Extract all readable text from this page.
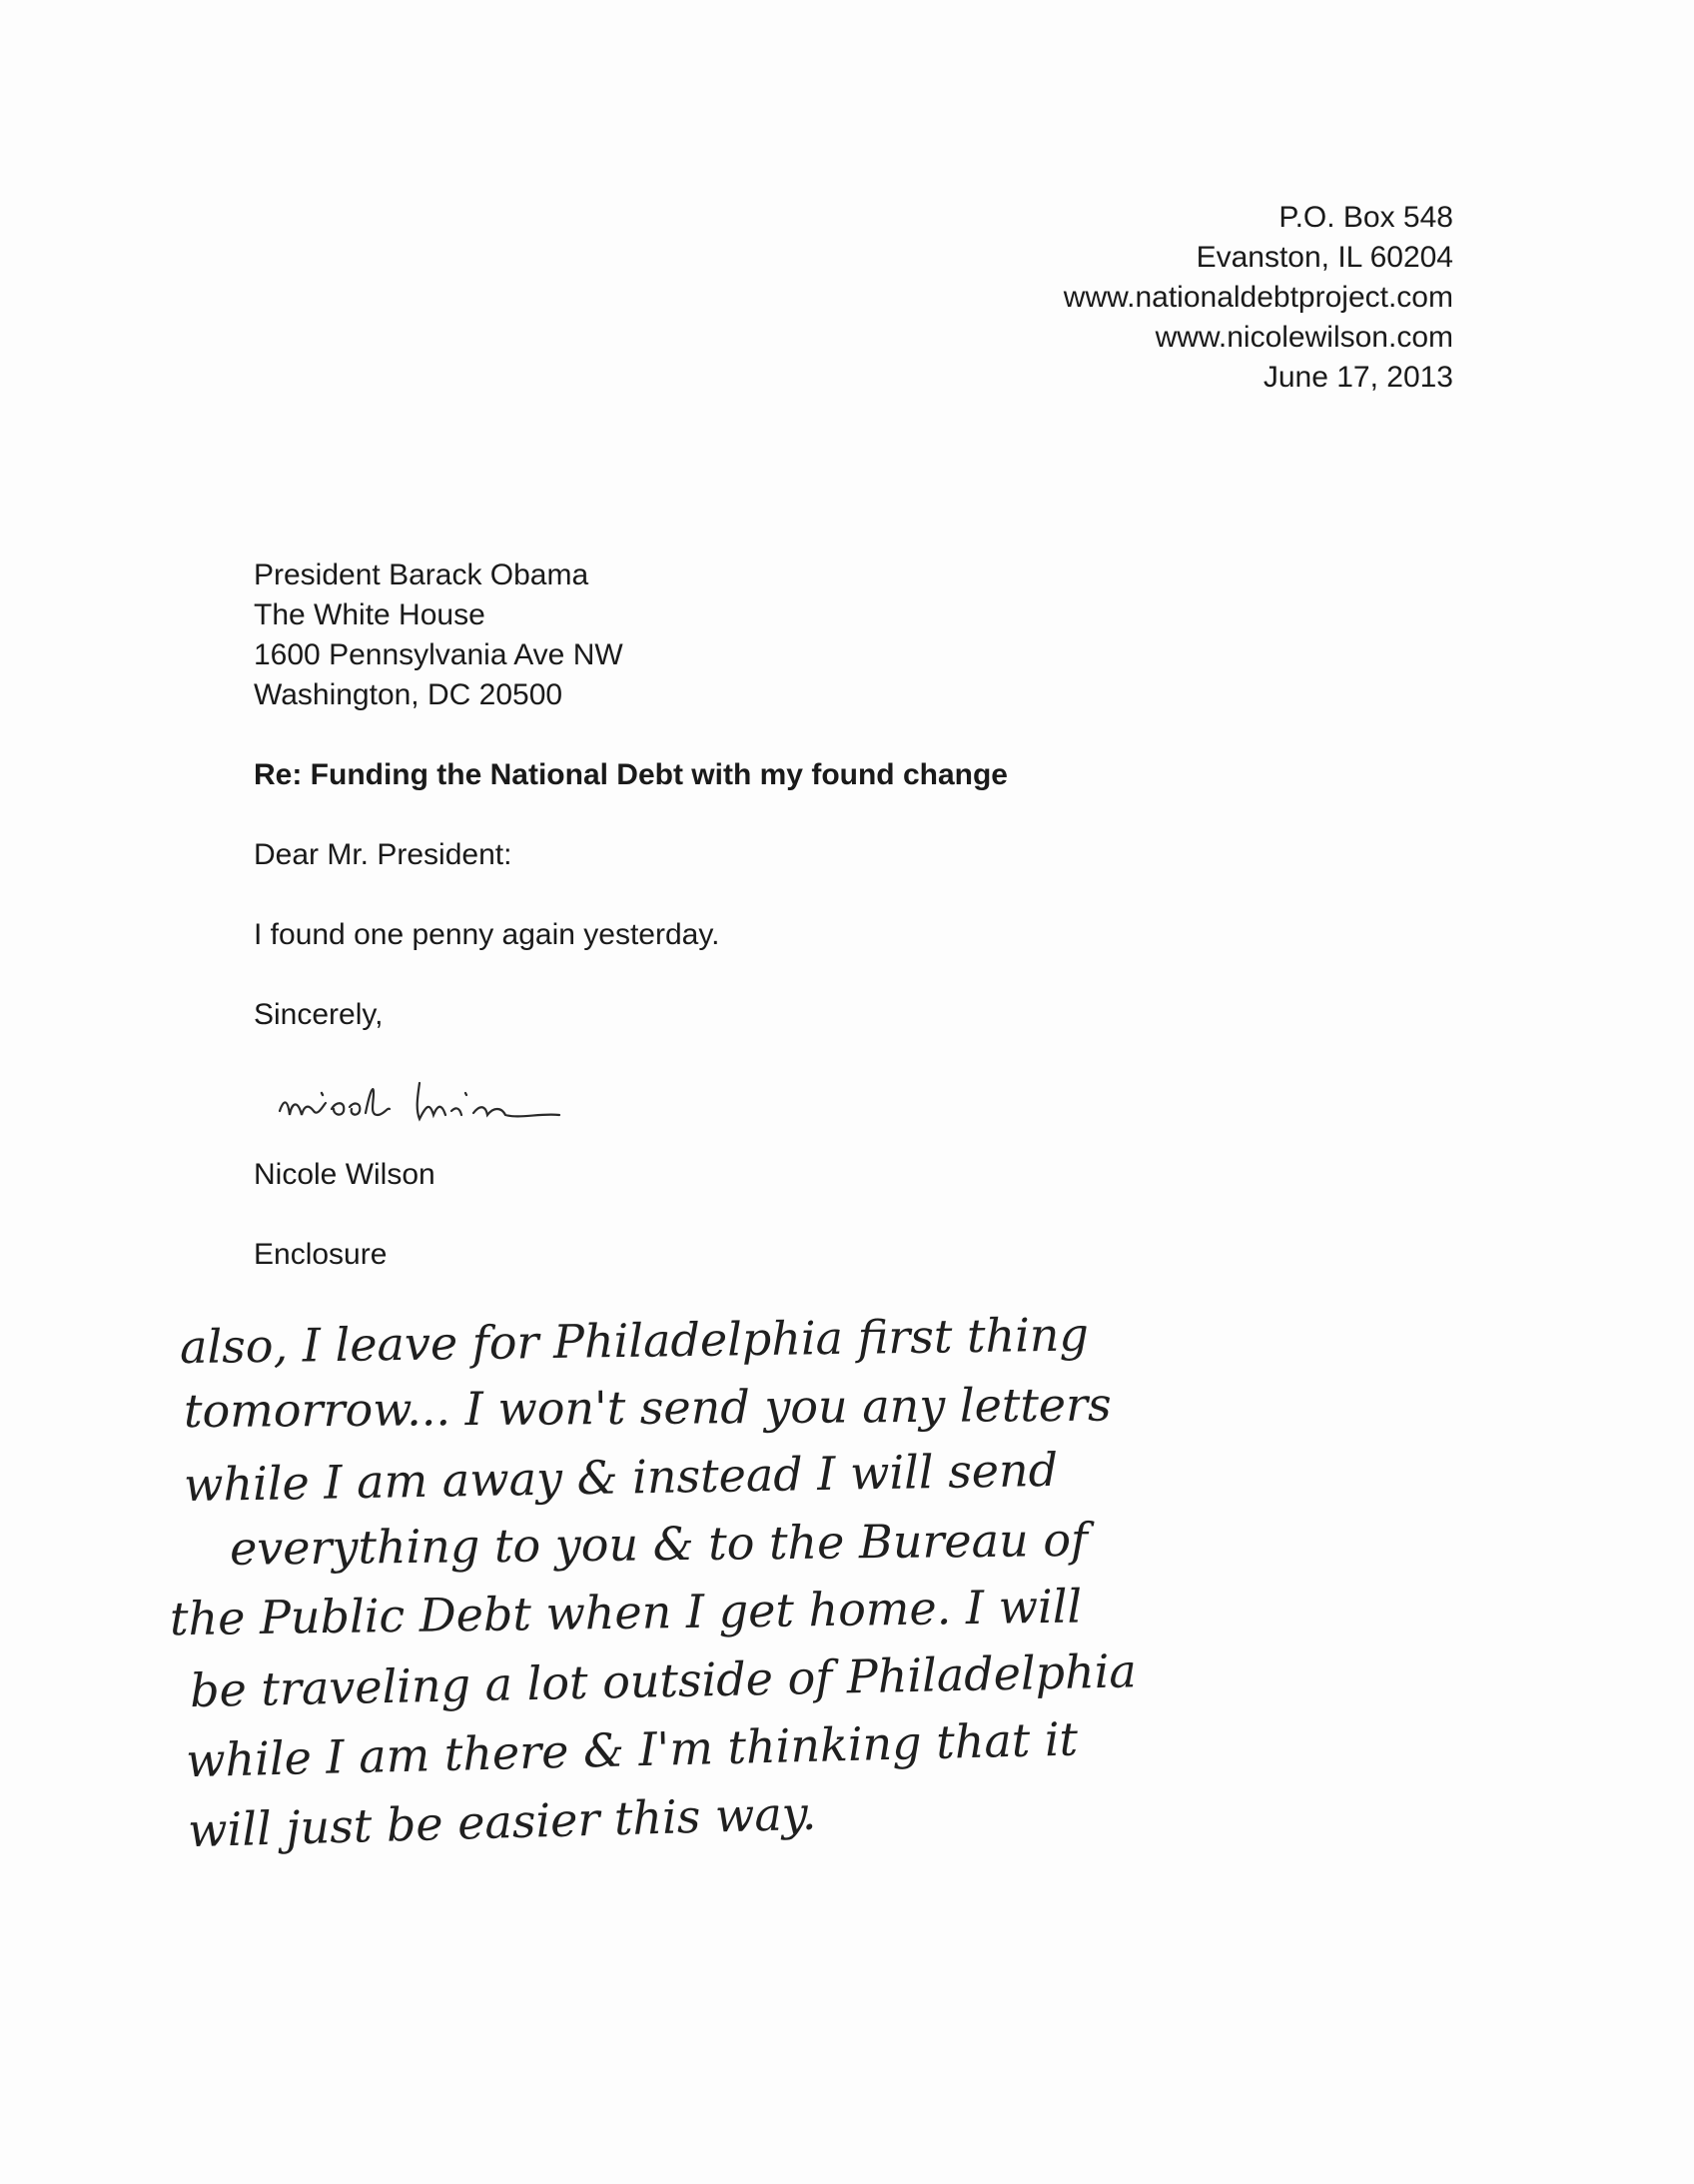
P.O. Box 548
Evanston, IL 60204
www.nationaldebtproject.com
www.nicolewilson.com
June 17, 2013
President Barack Obama
The White House
1600 Pennsylvania Ave NW
Washington, DC 20500
Re: Funding the National Debt with my found change
Dear Mr. President:
I found one penny again yesterday.
Sincerely,
Nicole Wilson
Enclosure
also, I leave for Philadelphia first thing
tomorrow... I won't send you any letters
while I am away & instead I will send
everything to you & to the Bureau of
the Public Debt when I get home. I will
be traveling a lot outside of Philadelphia
while I am there & I'm thinking that it
will just be easier this way.
